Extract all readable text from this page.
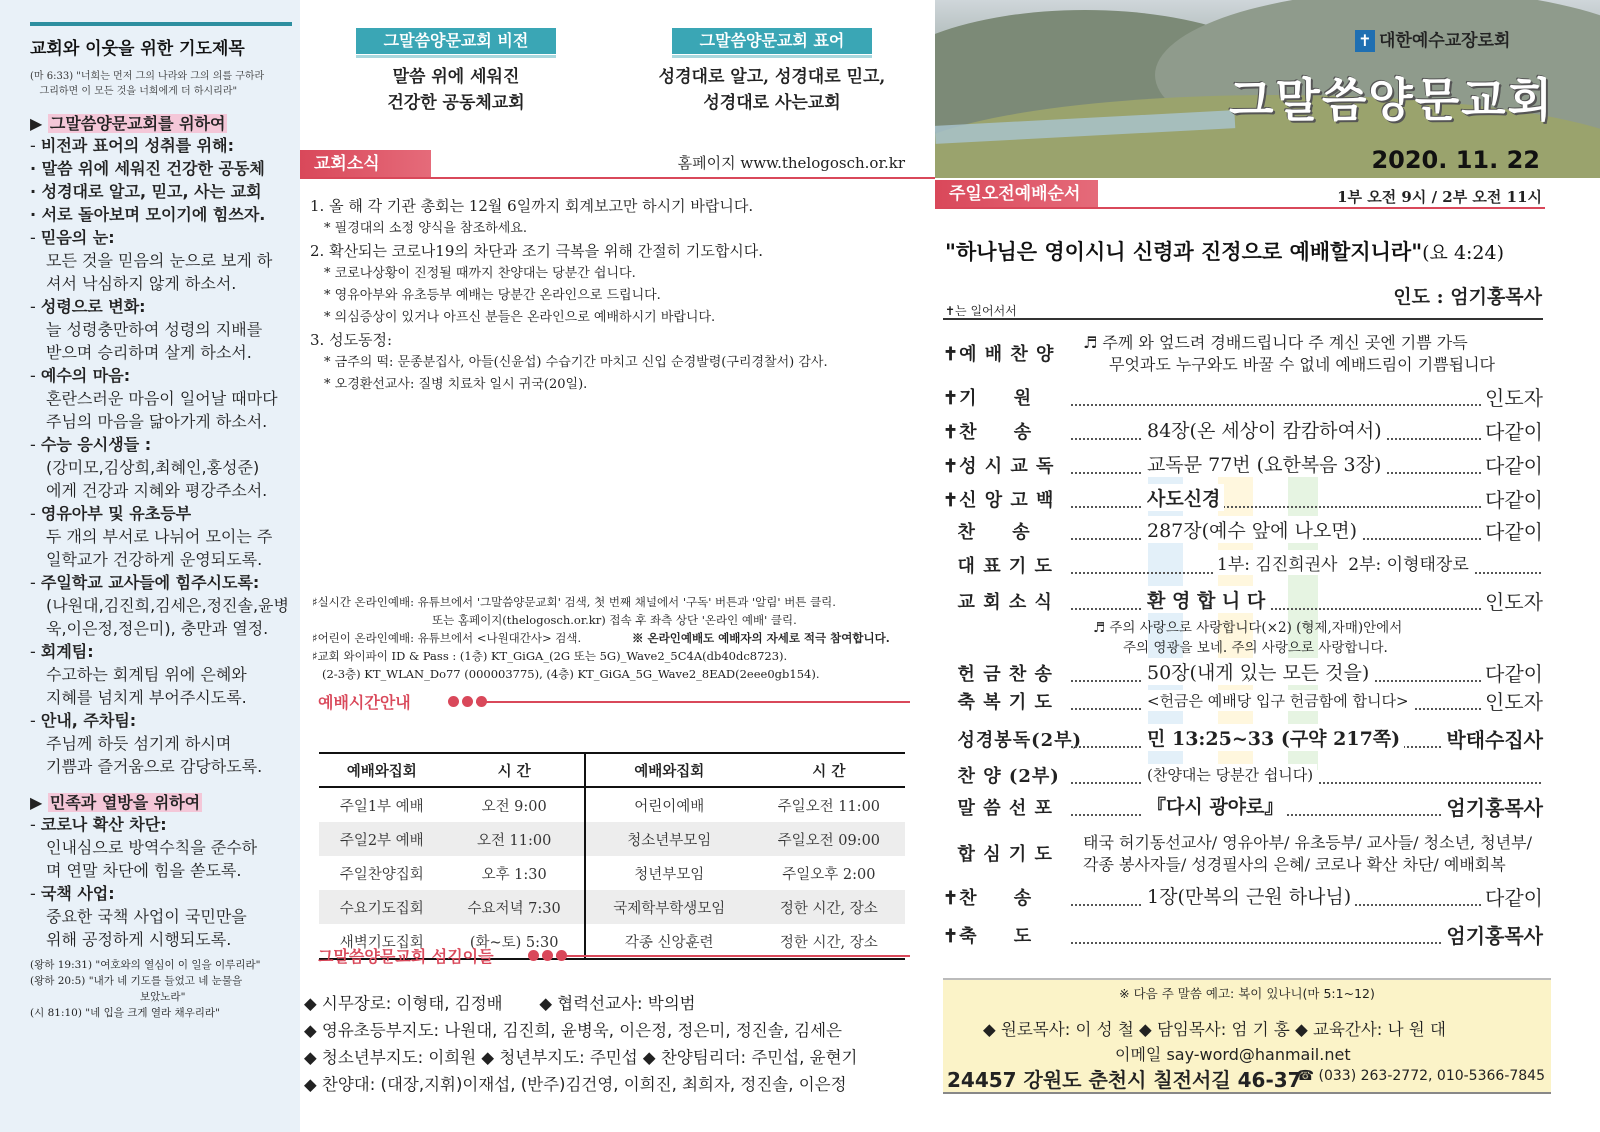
교회와 이웃을 위한 기도제목
(마 6:33) "너희는 먼저 그의 나라와 그의 의를 구하라
그리하면 이 모든 것을 너희에게 더 하시리라"
▶ 그말씀양문교회를 위하여
- 비전과 표어의 성취를 위해:
· 말씀 위에 세워진 건강한 공동체
· 성경대로 알고, 믿고, 사는 교회
· 서로 돌아보며 모이기에 힘쓰자.
- 믿음의 눈:
모든 것을 믿음의 눈으로 보게 하
셔서 낙심하지 않게 하소서.
- 성령으로 변화:
늘 성령충만하여 성령의 지배를
받으며 승리하며 살게 하소서.
- 예수의 마음:
혼란스러운 마음이 일어날 때마다
주님의 마음을 닮아가게 하소서.
- 수능 응시생들 :
(강미모,김상희,최혜인,홍성준)
에게 건강과 지혜와 평강주소서.
- 영유아부 및 유초등부
두 개의 부서로 나뉘어 모이는 주
일학교가 건강하게 운영되도록.
- 주일학교 교사들에 힘주시도록:
(나원대,김진희,김세은,정진솔,윤병
욱,이은정,정은미), 충만과 열정.
- 회계팀:
수고하는 회계팀 위에 은혜와
지혜를 넘치게 부어주시도록.
- 안내, 주차팀:
주님께 하듯 섬기게 하시며
기쁨과 즐거움으로 감당하도록.
▶ 민족과 열방을 위하여
- 코로나 확산 차단:
인내심으로 방역수칙을 준수하
며 연말 차단에 힘을 쏟도록.
- 국책 사업:
중요한 국책 사업이 국민만을
위해 공정하게 시행되도록.
(왕하 19:31) "여호와의 열심이 이 일을 이루리라"
(왕하 20:5) "내가 네 기도를 들었고 네 눈물을
보았노라"
(시 81:10) "네 입을 크게 열라 채우리라"
그말씀양문교회 비전
말씀 위에 세워진
건강한 공동체교회
그말씀양문교회 표어
성경대로 알고, 성경대로 믿고,
성경대로 사는교회
교회소식	홈페이지 www.thelogosch.or.kr
1. 올 해 각 기관 총회는 12월 6일까지 회계보고만 하시기 바랍니다.
* 필경대의 소정 양식을 참조하세요.
2. 확산되는 코로나19의 차단과 조기 극복을 위해 간절히 기도합시다.
* 코로나상황이 진정될 때까지 찬양대는 당분간 쉽니다.
* 영유아부와 유초등부 예배는 당분간 온라인으로 드립니다.
* 의심증상이 있거나 아프신 분들은 온라인으로 예배하시기 바랍니다.
3. 성도동정:
* 금주의 떡: 문종분집사, 아들(신윤섭) 수습기간 마치고 신입 순경발령(구리경찰서) 감사.
* 오경환선교사: 질병 치료차 일시 귀국(20일).
♯실시간 온라인예배: 유튜브에서 '그말씀양문교회' 검색, 첫 번째 채널에서 '구독' 버튼과 '알림' 버튼 클릭.
또는 홈페이지(thelogosch.or.kr) 접속 후 좌측 상단 '온라인 예배' 클릭.
♯어린이 온라인예배: 유튜브에서 <나원대간사> 검색.	※ 온라인예배도 예배자의 자세로 적극 참여합니다.
♯교회 와이파이 ID & Pass : (1층) KT_GiGA_(2G 또는 5G)_Wave2_5C4A(db40dc8723).
(2-3층) KT_WLAN_Do77 (000003775), (4층) KT_GiGA_5G_Wave2_8EAD(2eee0gb154).
예배시간안내
예배와집회	시 간	예배와집회	시 간
주일1부 예배	오전 9:00	어린이예배	주일오전 11:00
주일2부 예배	오전 11:00	청소년부모임	주일오전 09:00
주일찬양집회	오후 1:30	청년부모임	주일오후 2:00
수요기도집회	수요저녁 7:30	국제학부학생모임	정한 시간, 장소
새벽기도집회	(화~토) 5:30	각종 신앙훈련	정한 시간, 장소
그말씀양문교회 섬김이들
◆ 시무장로: 이형태, 김정배       ◆ 협력선교사: 박의범
◆ 영유초등부지도: 나원대, 김진희, 윤병욱, 이은정, 정은미, 정진솔, 김세은
◆ 청소년부지도: 이희원 ◆ 청년부지도: 주민섭 ◆ 찬양팀리더: 주민섭, 윤현기
◆ 찬양대: (대장,지휘)이재섭, (반주)김건영, 이희진, 최희자, 정진솔, 이은정
✝ 대한예수교장로회
그말씀양문교회
2020. 11. 22
주일오전예배순서	1부 오전 9시 / 2부 오전 11시
"하나님은 영이시니 신령과 진정으로 예배할지니라"(요 4:24)
인도 : 엄기홍목사
✝는 일어서서
✝예 배 찬 양
♬ 주께 와 엎드려 경배드립니다 주 계신 곳엔 기쁨 가득
무엇과도 누구와도 바꿀 수 없네 예배드림이 기쁨됩니다
✝기     원	인도자
✝찬     송	84장(온 세상이 캄캄하여서)	다같이
✝성 시 교 독	교독문 77번 (요한복음 3장)	다같이
✝신 앙 고 백	사도신경	다같이
찬     송	287장(예수 앞에 나오면)	다같이
대 표 기 도	1부: 김진희권사  2부: 이형태장로
교 회 소 식	환 영 합 니 다	인도자
♬ 주의 사랑으로 사랑합니다(×2) (형제,자매)안에서
주의 영광을 보네. 주의 사랑으로 사랑합니다.
헌 금 찬 송	50장(내게 있는 모든 것을)	다같이
축 복 기 도	<헌금은 예배당 입구 헌금함에 합니다>	인도자
성경봉독(2부)	민 13:25~33 (구약 217쪽) 박태수집사
찬 양 (2부)	(찬양대는 당분간 쉽니다)
말 씀 선 포	『다시 광야로』	엄기홍목사
합 심 기 도
태국 허기동선교사/ 영유아부/ 유초등부/ 교사들/ 청소년, 청년부/
각종 봉사자들/ 성경필사의 은혜/ 코로나 확산 차단/ 예배회복
✝찬     송	1장(만복의 근원 하나님)	다같이
✝축     도	엄기홍목사
※ 다음 주 말씀 예고: 복이 있나니(마 5:1~12)
◆ 원로목사: 이 성 철 ◆ 담임목사: 엄 기 홍 ◆ 교육간사: 나 원 대
이메일 say-word@hanmail.net
24457 강원도 춘천시 칠전서길 46-37
☎ (033) 263-2772, 010-5366-7845
